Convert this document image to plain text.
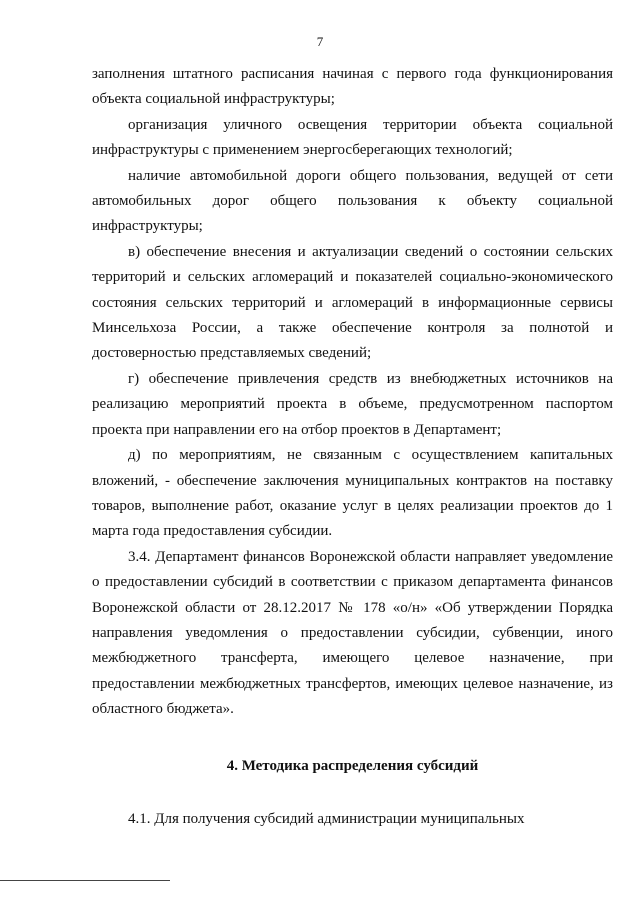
7

заполнения штатного расписания начиная с первого года функционирования объекта социальной инфраструктуры;

организация уличного освещения территории объекта социальной инфраструктуры с применением энергосберегающих технологий;

наличие автомобильной дороги общего пользования, ведущей от сети автомобильных дорог общего пользования к объекту социальной инфраструктуры;

в) обеспечение внесения и актуализации сведений о состоянии сельских территорий и сельских агломераций и показателей социально-экономического состояния сельских территорий и агломераций в информационные сервисы Минсельхоза России, а также обеспечение контроля за полнотой и достоверностью представляемых сведений;

г) обеспечение привлечения средств из внебюджетных источников на реализацию мероприятий проекта в объеме, предусмотренном паспортом проекта при направлении его на отбор проектов в Департамент;

д) по мероприятиям, не связанным с осуществлением капитальных вложений, - обеспечение заключения муниципальных контрактов на поставку товаров, выполнение работ, оказание услуг в целях реализации проектов до 1 марта года предоставления субсидии.

3.4. Департамент финансов Воронежской области направляет уведомление о предоставлении субсидий в соответствии с приказом департамента финансов Воронежской области от 28.12.2017 № 178 «о/н» «Об утверждении Порядка направления уведомления о предоставлении субсидии, субвенции, иного межбюджетного трансферта, имеющего целевое назначение, при предоставлении межбюджетных трансфертов, имеющих целевое назначение, из областного бюджета».

4. Методика распределения субсидий

4.1. Для получения субсидий администрации муниципальных
